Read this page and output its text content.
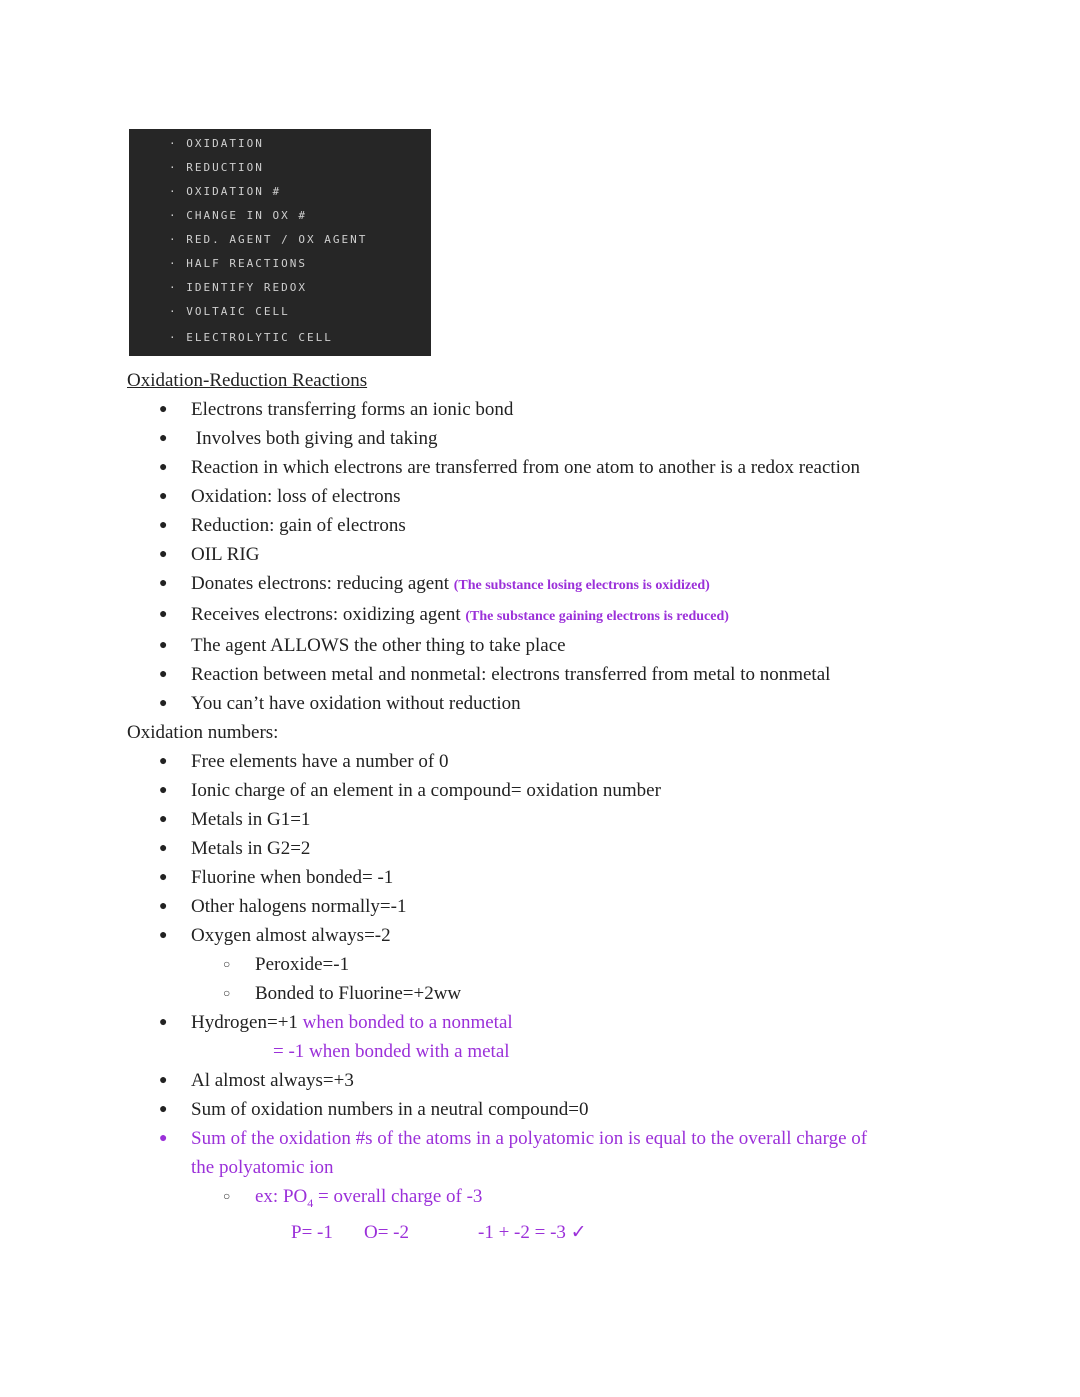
· OXIDATION
· REDUCTION
· OXIDATION #
· CHANGE IN OX #
· RED. AGENT / OX AGENT
· HALF REACTIONS
· IDENTIFY REDOX
· VOLTAIC CELL
· ELECTROLYTIC CELL
Oxidation-Reduction Reactions
● Electrons transferring forms an ionic bond
●  Involves both giving and taking
● Reaction in which electrons are transferred from one atom to another is a redox reaction
● Oxidation: loss of electrons
● Reduction: gain of electrons
● OIL RIG
● Donates electrons: reducing agent (The substance losing electrons is oxidized)
● Receives electrons: oxidizing agent (The substance gaining electrons is reduced)
● The agent ALLOWS the other thing to take place
● Reaction between metal and nonmetal: electrons transferred from metal to nonmetal
● You can’t have oxidation without reduction
Oxidation numbers:
● Free elements have a number of 0
● Ionic charge of an element in a compound= oxidation number
● Metals in G1=1
● Metals in G2=2
● Fluorine when bonded= -1
● Other halogens normally=-1
● Oxygen almost always=-2
○ Peroxide=-1
○ Bonded to Fluorine=+2ww
● Hydrogen=+1 when bonded to a nonmetal
= -1 when bonded with a metal
● Al almost always=+3
● Sum of oxidation numbers in a neutral compound=0
● Sum of the oxidation #s of the atoms in a polyatomic ion is equal to the overall charge of
the polyatomic ion
○ ex: $PO_4$ = overall charge of -3
P= -1 O= -2	-1 + -2 = -3 ✓
